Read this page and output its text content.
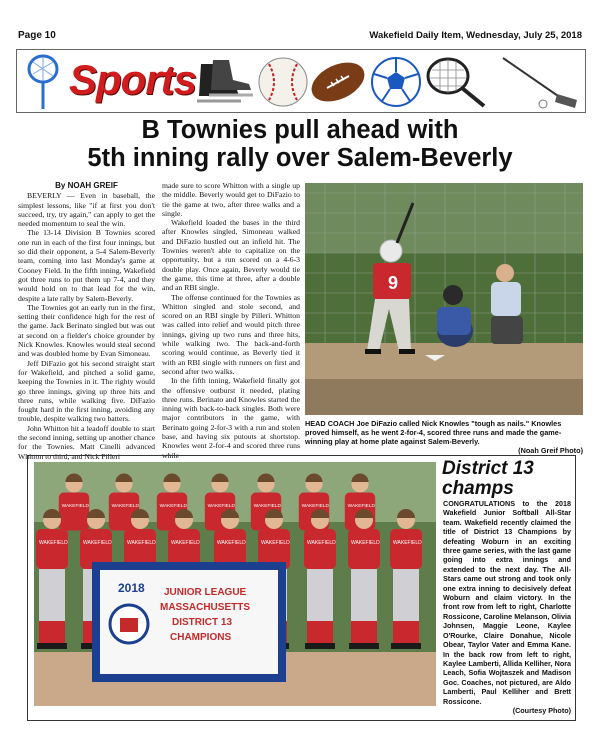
Page 10	Wakefield Daily Item, Wednesday, July 25, 2018
Sports
B Townies pull ahead with
5th inning rally over Salem-Beverly
By NOAH GREIF

BEVERLY — Even in baseball, the simplest lessons, like "if at first you don't succeed, try, try again," can apply to get the needed momentum to seal the win.

The 13-14 Division B Townies scored one run in each of the first four innings, but so did their opponent, a 5-4 Salem-Beverly team, coming into last Monday's game at Cooney Field. In the fifth inning, Wakefield got three runs to put them up 7-4, and they would hold on to that lead for the win, despite a late rally by Salem-Beverly.

The Townies got an early run in the first, setting their confidence high for the rest of the game. Jack Berinato singled but was out at second on a fielder's choice grounder by Nick Knowles. Knowles would steal second and was doubled home by Evan Simoneau.

Jeff DiFazio got his second straight start for Wakefield, and pitched a solid game, keeping the Townies in it. The righty would go three innings, giving up three hits and three runs, while walking five. DiFazio fought hard in the first inning, avoiding any trouble, despite walking two batters.

John Whitton hit a leadoff double to start the second inning, setting up another chance for the Townies. Matt Cinelli advanced Whitton to third, and Nick Pilleri

made sure to score Whitton with a single up the middle. Beverly would get to DiFazio to tie the game at two, after three walks and a single.

Wakefield loaded the bases in the third after Knowles singled, Simoneau walked and DiFazio hustled out an infield hit. The Townies weren't able to capitalize on the opportunity, but a run scored on a 4-6-3 double play. Once again, Beverly would tie the game, this time at three, after a double and an RBI single.

The offense continued for the Townies as Whitton singled and stole second, and scored on an RBI single by Pilleri. Whitton was called into relief and would pitch three innings, giving up two runs and three hits, while walking two. The back-and-forth scoring would continue, as Beverly tied it with an RBI single with runners on first and second after two walks.

In the fifth inning, Wakefield finally got the offensive outburst it needed, plating three runs. Berinato and Knowles started the inning with back-to-back singles. Both were major contributors in the game, with Berinato going 2-for-3 with a run and stolen base, and having six putouts at shortstop. Knowles went 2-for-4 and scored three runs while

9
HEAD COACH Joe DiFazio called Nick Knowles "tough as nails." Knowles proved himself, as he went 2-for-4, scored three runs and made the game-winning play at home plate against Salem-Beverly.
(Noah Greif Photo)
WAKEFIELD	WAKEFIELD	WAKEFIELD	WAKEFIELD	WAKEFIELD	WAKEFIELD	WAKEFIELD
WAKEFIELD	WAKEFIELD	WAKEFIELD	WAKEFIELD	WAKEFIELD	WAKEFIELD	WAKEFIELD	WAKEFIELD	WAKEFIELD
2018 JUNIOR LEAGUE
MASSACHUSETTS
DISTRICT 13
CHAMPIONS
District 13
champs
CONGRATULATIONS to the 2018 Wakefield Junior Softball All-Star team. Wakefield recently claimed the title of District 13 Champions by defeating Woburn in an exciting three game series, with the last game going into extra innings and extended to the next day. The All-Stars came out strong and took only one extra inning to decisively defeat Woburn and claim victory. In the front row from left to right, Charlotte Rossicone, Caroline Melanson, Olivia Johnsen, Maggie Leone, Kaylee O'Rourke, Claire Donahue, Nicole Obear, Taylor Vater and Emma Kane. In the back row from left to right, Kaylee Lamberti, Allida Kelliher, Nora Leach, Sofia Wojtaszek and Madison Goc. Coaches, not pictured, are Aldo Lamberti, Paul Kelliher and Brett Rossicone.
(Courtesy Photo)
